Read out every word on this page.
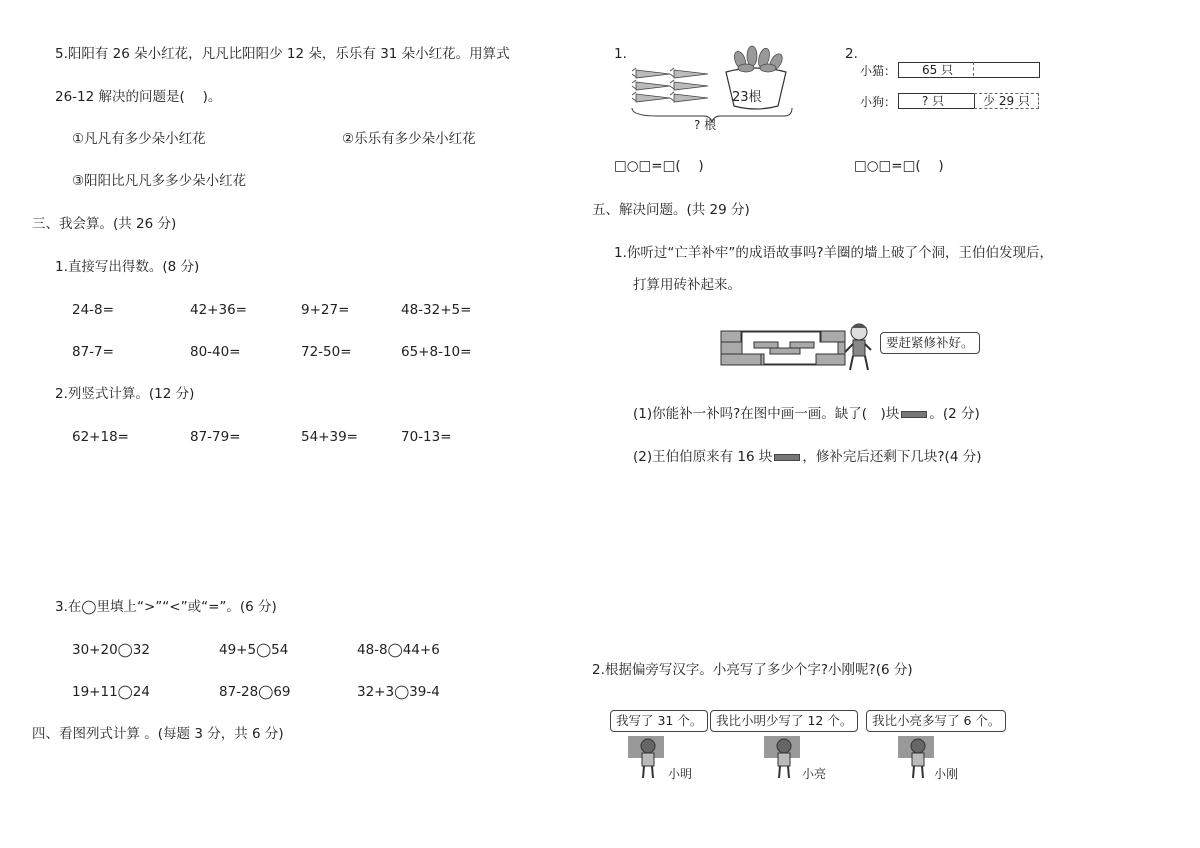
5.阳阳有 26 朵小红花，凡凡比阳阳少 12 朵，乐乐有 31 朵小红花。用算式
26-12 解决的问题是(　 )。
①凡凡有多少朵小红花	②乐乐有多少朵小红花
③阳阳比凡凡多多少朵小红花
三、我会算。(共 26 分)
1.直接写出得数。(8 分)
24-8=	42+36=	9+27=	48-32+5=
87-7=	80-40=	72-50=	65+8-10=
2.列竖式计算。(12 分)
62+18=	87-79=	54+39=	70-13=
3.在◯里填上“>”“<”或“=”。(6 分)
30+20◯32	49+5◯54	48-8◯44+6
19+11◯24	87-28◯69	32+3◯39-4
四、看图列式计算 。(每题 3 分，共 6 分)
1.
23根
? 根
□○□=□(　 )
2.
小猫： 65 只
小狗： ? 只	少 29 只
□○□=□(　 )
五、解决问题。(共 29 分)
1.你听过“亡羊补牢”的成语故事吗?羊圈的墙上破了个洞，王伯伯发现后，
打算用砖补起来。
要赶紧修补好。
(1)你能补一补吗?在图中画一画。缺了(　)块 。(2 分)
(2)王伯伯原来有 16 块 ，修补完后还剩下几块?(4 分)
2.根据偏旁写汉字。小亮写了多少个字?小刚呢?(6 分)
我写了 31 个。	我比小明少写了 12 个。	我比小亮多写了 6 个。
小明	小亮	小刚
